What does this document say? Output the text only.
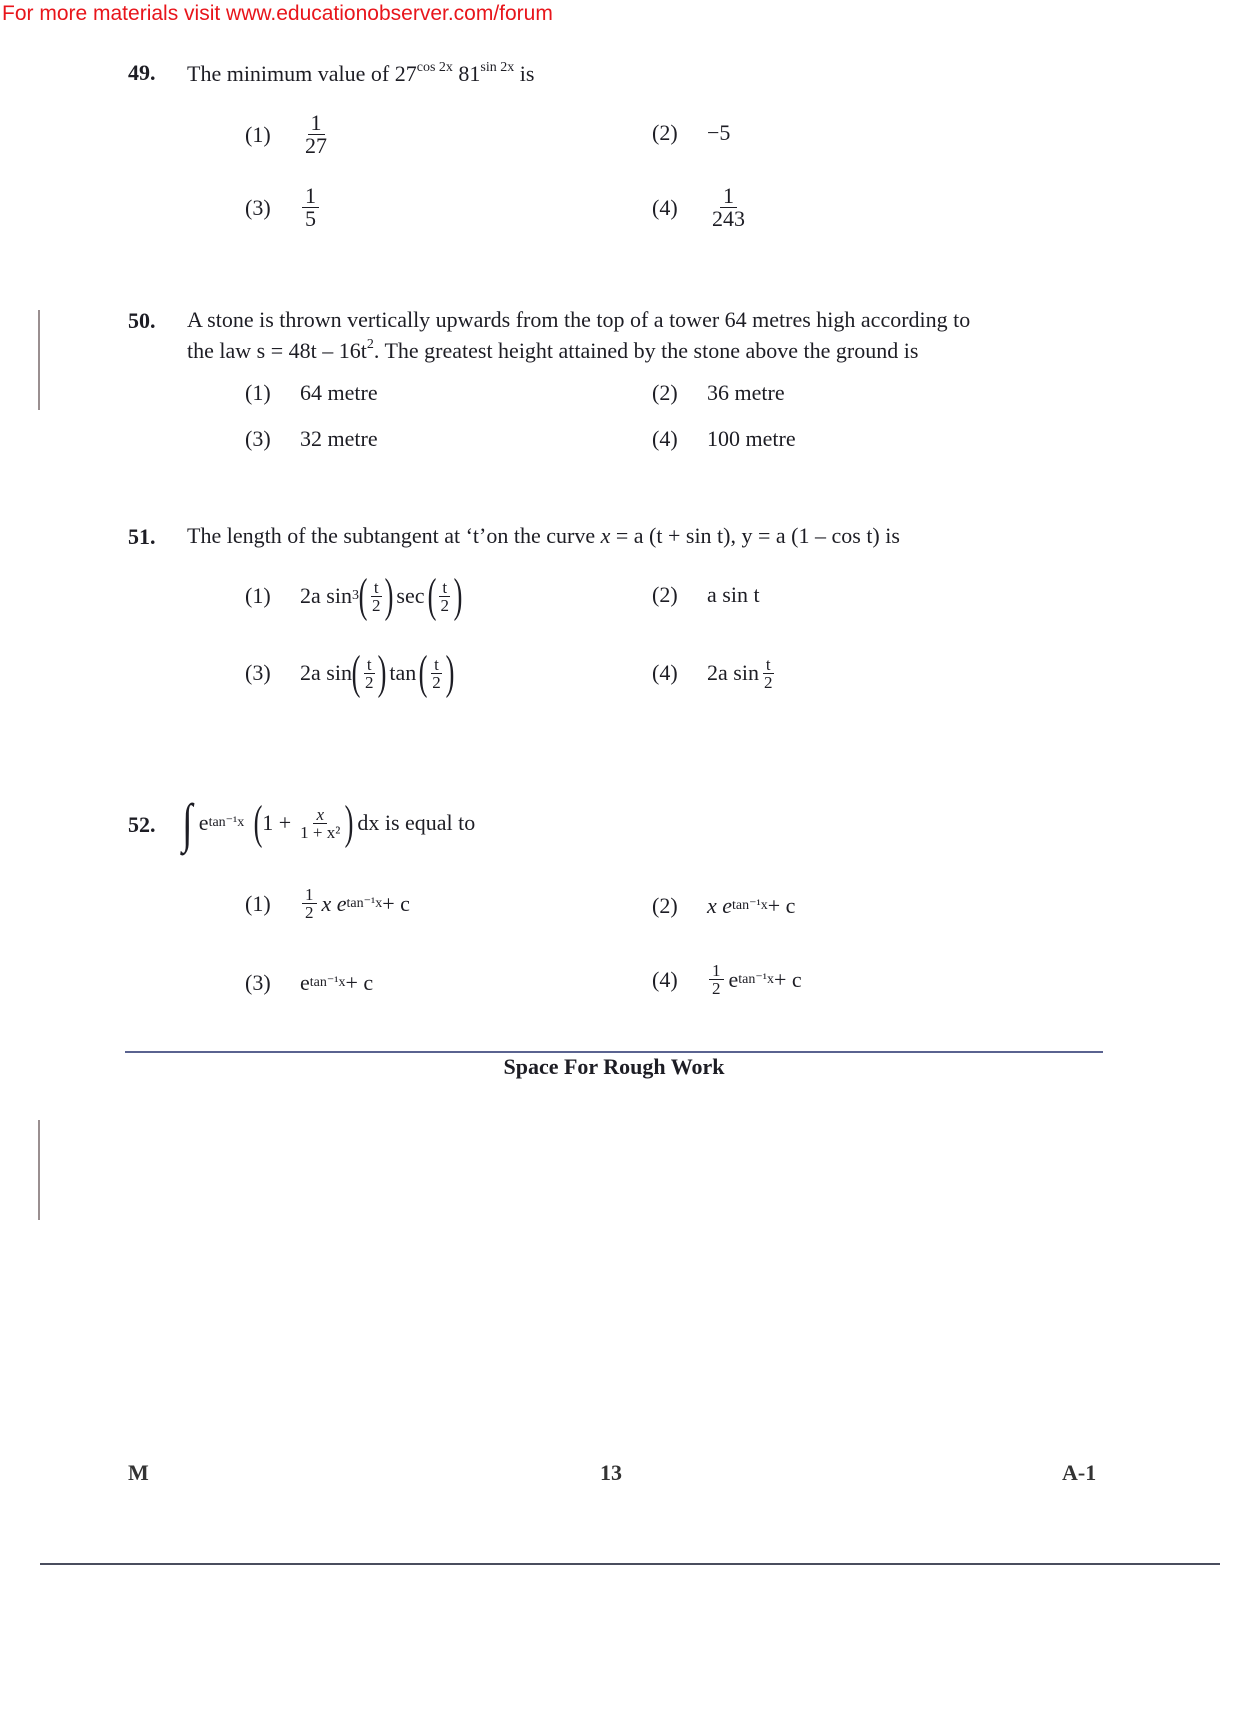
For more materials visit www.educationobserver.com/forum
49. The minimum value of $27^{cos 2x}$ $81^{sin 2x}$ is
(1)	$\frac{1}{27}$	(2)	−5
(3)	$\frac{1}{5}$	(4)	$\frac{1}{243}$
50. A stone is thrown vertically upwards from the top of a tower 64 metres high according to
the law $s = 48t - 16t^2$. The greatest height attained by the stone above the ground is
(1)	64 metre	(2)	36 metre
(3)	32 metre	(4)	100 metre
51. The length of the subtangent at ‘t’on the curve x = a (t + sin t), y = a (1 – cos t) is
(1)	2a sin 3 ( $\frac{t}{2}$ ) sec ( $\frac{t}{2}$ )	(2)	a sin t
(3)	2a sin ( $\frac{t}{2}$ ) tan ( $\frac{t}{2}$ )	(4)	2a $\sin \frac{t}{2}$
52. ∫ e tan⁻¹x ( $1 + \frac{x}{\text{1 + x²}}$ ) dx is equal to
(1)	$\frac{1}{2}$ x e tan⁻¹x + c	(2)	x e tan⁻¹x + c
(3)	e tan⁻¹x + c	(4)	$\frac{1}{2}$ e tan⁻¹x + c
Space For Rough Work
M	13	A-1
